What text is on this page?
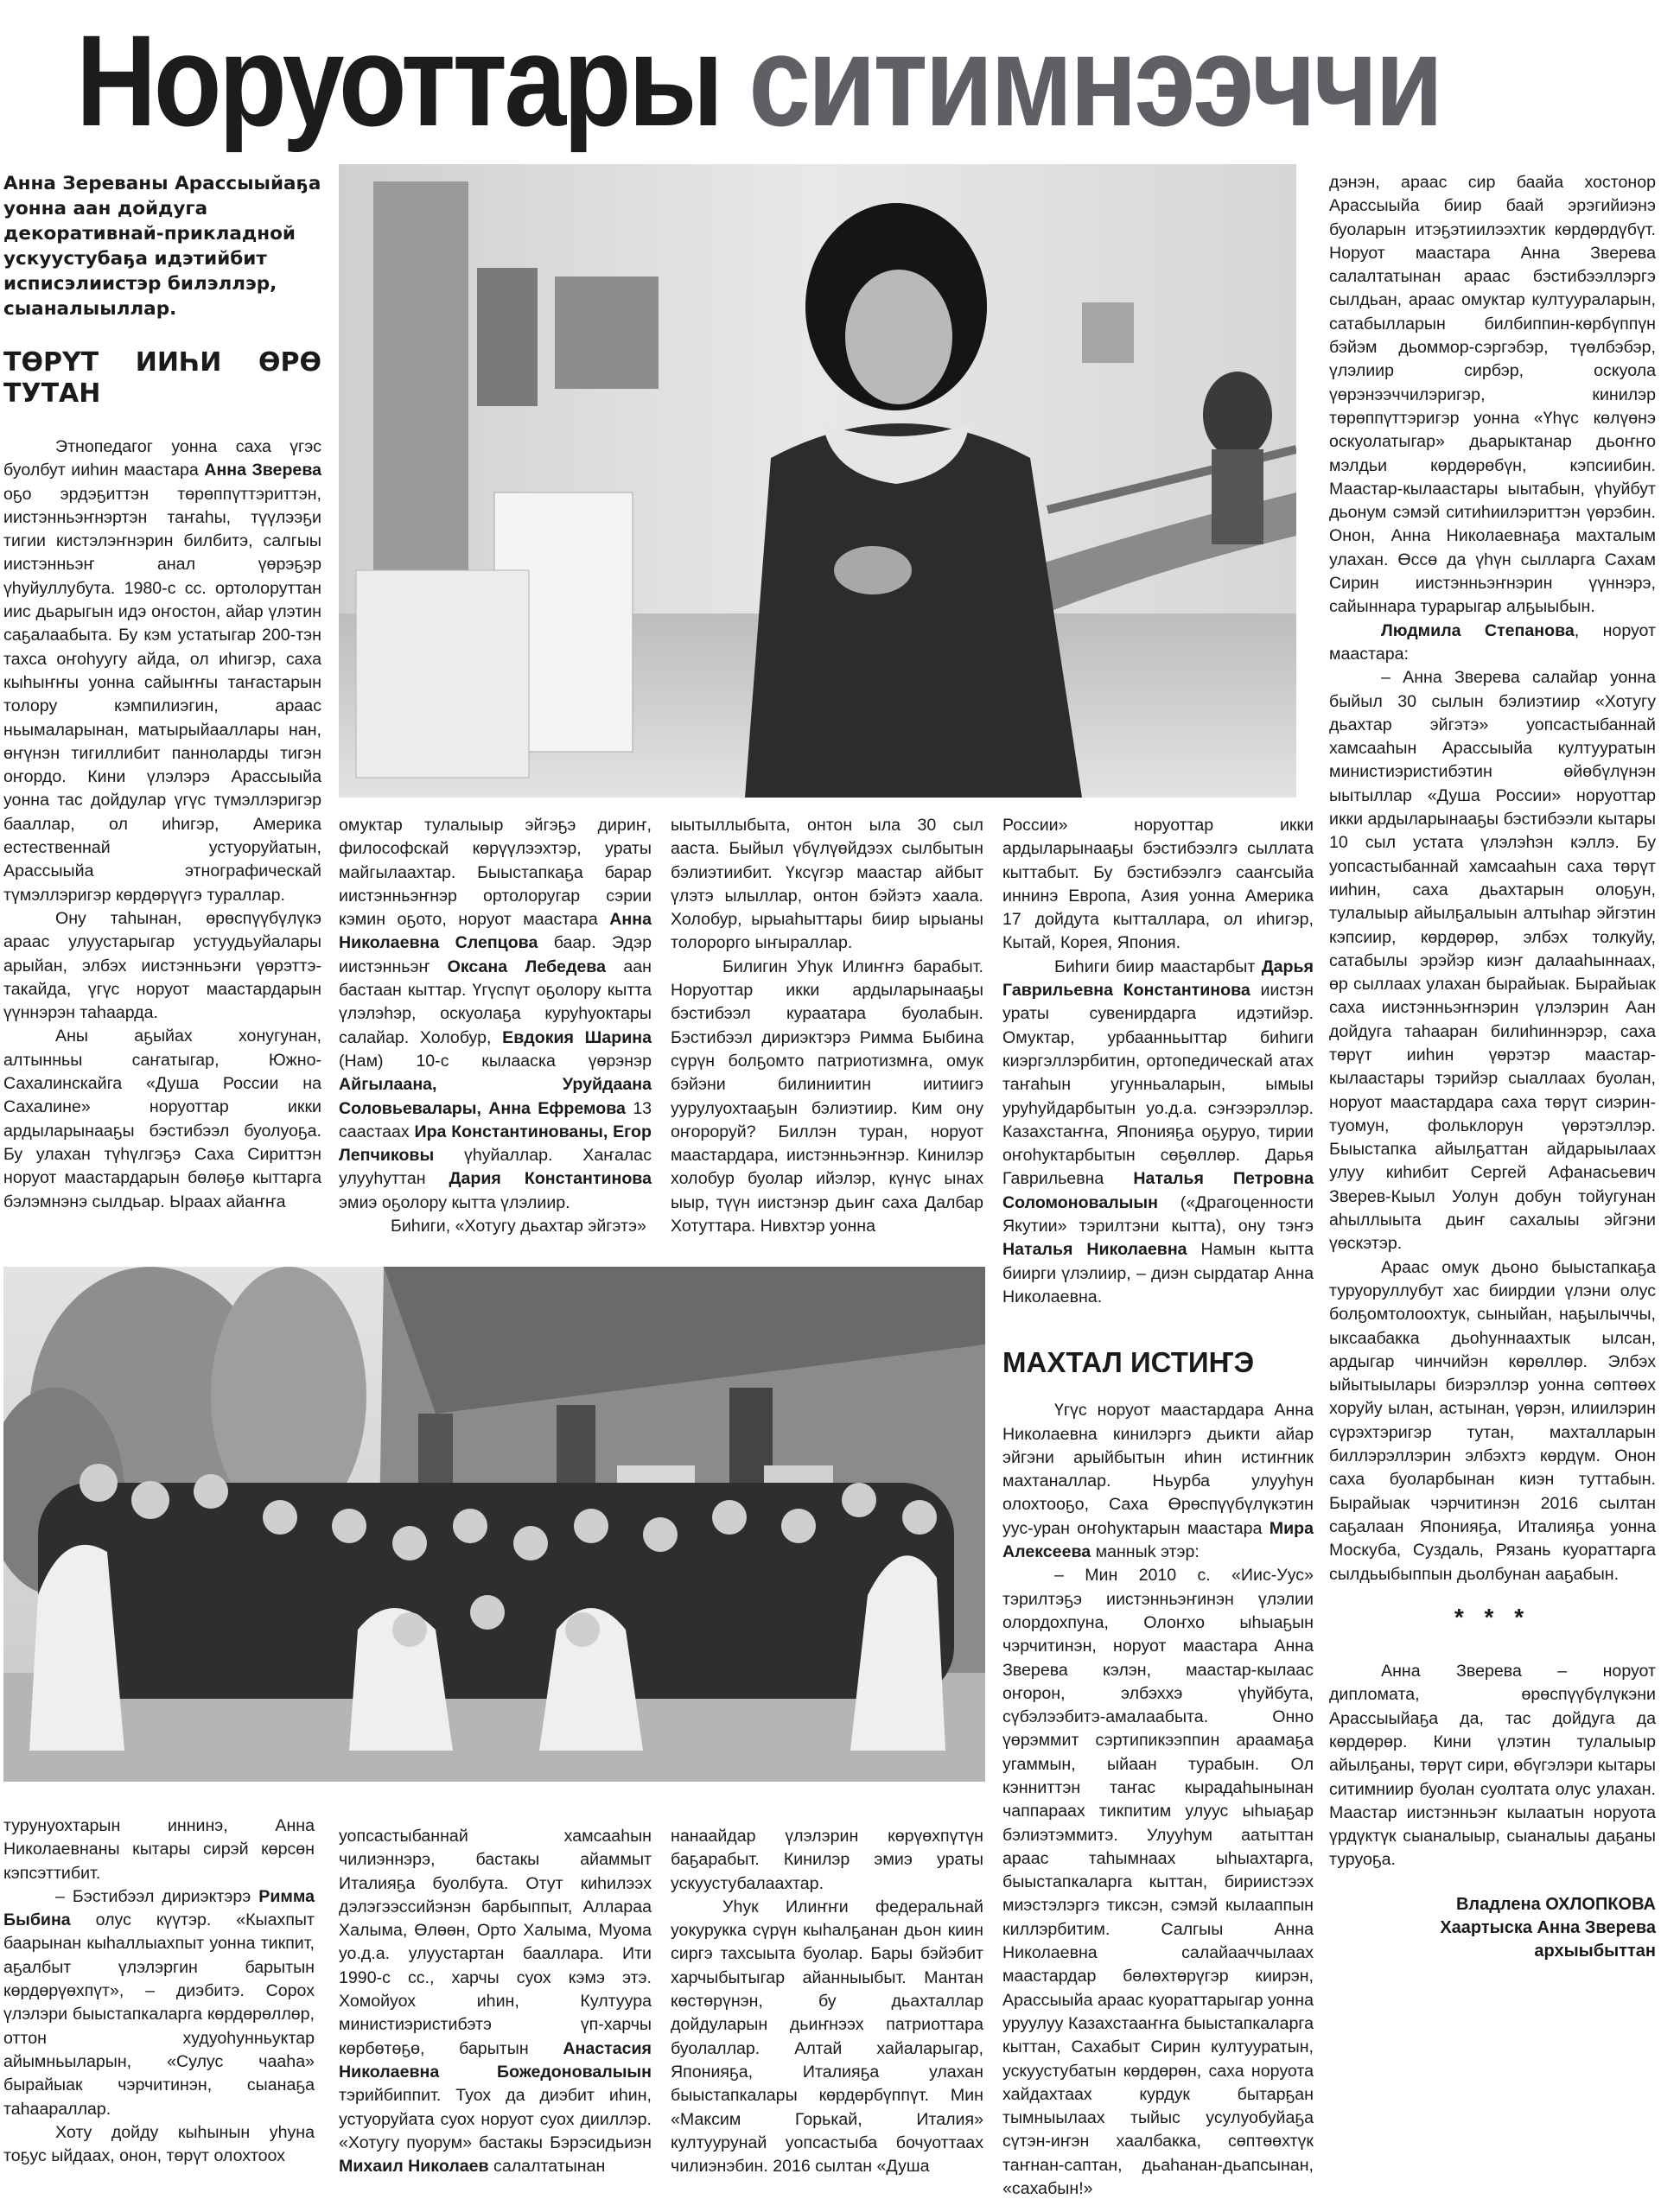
Норуоттары ситимнээччи
Анна Зереваны Арассыыйаҕа уонна аан дойдуга декоративнай-прикладной ускуустубаҕа идэтийбит исписэлиистэр билэллэр, сыаналыыллар.
ТӨРҮТ ИИҺИ ӨРӨ ТУТАН

Этнопедагог уонна саха үгэс буолбут ииһин маастара Анна Зверева оҕо эрдэҕиттэн төрөппүттэриттэн, иистэнньэҥнэртэн таҥаһы, түүлээҕи тигии кистэлэҥнэрин билбитэ, салгыы иистэнньэҥ анал үөрэҕэр үһуйуллубута. 1980-с сс. ортолоруттан иис дьарыгын идэ оҥостон, айар үлэтин саҕалаабыта. Бу кэм устатыгар 200-тэн тахса оҥоһуугу айда, ол иһигэр, саха кыһыҥҥы уонна сайыҥҥы таҥастарын толору кэмпилиэгин, араас ньымаларынан, матырыйааллары нан, өҥүнэн тигиллибит панноларды тигэн оҥордо. Кини үлэлэрэ Арассыыйа уонна тас дойдулар үгүс түмэллэригэр бааллар, ол иһигэр, Америка естественнай устуоруйатын, Арассыыйа этнографическай түмэллэригэр көрдөрүүгэ тураллар.

Ону таһынан, өрөспүүбүлүкэ араас улуустарыгар устуудьуйалары арыйан, элбэх иистэнньэҥи үөрэттэ-такайда, үгүс норуот маастардарын үүннэрэн таһаарда.

Аны аҕыйах хонугунан, алтынньы саҥатыгар, Южно-Сахалинскайга «Душа России на Сахалине» норуоттар икки ардыларынааҕы бэстибээл буолуоҕа. Бу улахан түһүлгэҕэ Саха Сириттэн норуот маастардарын бөлөҕө кыттарга бэлэмнэнэ сылдьар. Ыраах айаҥҥа

омуктар тулалыыр эйгэҕэ дириҥ, философскай көрүүлээхтэр, ураты майгылаахтар. Быыстапкаҕа барар иистэнньэҥнэр ортолоругар сэрии кэмин оҕото, норуот маастара Анна Николаевна Слепцова баар. Эдэр иистэнньэҥ Оксана Лебедева аан бастаан кыттар. Үгүспүт оҕолору кытта үлэлэһэр, оскуолаҕа куруһуоктары салайар. Холобур, Евдокия Шарина (Нам) 10-с кылааска үөрэнэр Айгылаана, Уруйдаана Соловьевалары, Анна Ефремова 13 саастаах Ира Константинованы, Егор Лепчиковы үһуйаллар. Хаҥалас улууһуттан Дария Константинова эмиэ оҕолору кытта үлэлиир.

Биһиги, «Хотугу дьахтар эйгэтэ»

ыытыллыбыта, онтон ыла 30 сыл ааста. Быйыл үбүлүөйдээх сылбытын бэлиэтиибит. Үксүгэр маастар айбыт үлэтэ ылыллар, онтон бэйэтэ хаала. Холобур, ырыаһыттары биир ырыаны толорорго ыҥыраллар.

Билигин Уһук Илиҥҥэ барабыт. Норуоттар икки ардыларынааҕы бэстибээл кураатара буолабын. Бэстибээл дириэктэрэ Римма Быбина сүрүн болҕомто патриотизмҥа, омук бэйэни билиниитин иитиигэ уурулуохтааҕын бэлиэтиир. Ким ону оҥороруй? Биллэн туран, норуот маастардара, иистэнньэҥнэр. Кинилэр холобур буолар ийэлэр, күнүс ынах ыыр, түүн иистэнэр дьиҥ саха Далбар Хотуттара. Нивхтэр уонна

России» норуоттар икки ардыларынааҕы бэстибээлгэ сыллата кыттабыт. Бу бэстибээлгэ сааҥсыйа иннинэ Европа, Азия уонна Америка 17 дойдута кытталлара, ол иһигэр, Кытай, Корея, Япония.

Биһиги биир маастарбыт Дарья Гаврильевна Константинова иистэн ураты сувенирдарга идэтийэр. Омуктар, урбаанньыттар биһиги киэргэллэрбитин, ортопедическай атах таҥаһын угунньаларын, ымыы уруһуйдарбытын уо.д.а. сэҥээрэллэр. Казахстаҥҥа, Японияҕа оҕуруо, тирии оҥоһуктарбытын сөҕөллөр. Дарья Гаврильевна Наталья Петровна Соломоновалыын («Драгоценности Якутии» тэрилтэни кытта), ону тэҥэ Наталья Николаевна Намын кытта биирги үлэлиир, – диэн сырдатар Анна Николаевна.

МАХТАЛ ИСТИҤЭ

Үгүс норуот маастардара Анна Николаевна кинилэргэ дьикти айар эйгэни арыйбытын иһин истиҥник махтаналлар. Ньурба улууһун олохтооҕо, Саха Өрөспүүбүлүкэтин уус-уран оҥоһуктарын маастара Мира Алексеева манныk этэр:

– Мин 2010 с. «Иис-Уус» тэрилтэҕэ иистэнньэҥинэн үлэлии олордохпуна, Олоҥхо ыһыаҕын чэрчитинэн, норуот маастара Анна Зверева кэлэн, маастар-кылаас оҥорон, элбэххэ үһуйбута, сүбэлээбитэ-амалаабыта. Онно үөрэммит сэртипикээппин араамаҕа угаммын, ыйаан турабын. Ол кэнниттэн таҥас кырадаһынынан чаппараах тикпитим улуус ыһыаҕар бэлиэтэммитэ. Улууһум аатыттан араас таһымнаах ыһыахтарга, быыстапкаларга кыттан, бириистээх миэстэлэргэ тиксэн, сэмэй кылааппын киллэрбитим. Салгыы Анна Николаевна салайааччылаах маастардар бөлөхтөрүгэр киирэн, Арассыыйа араас куораттарыгар уонна уруулуу Казахстааҥҥа быыстапкаларга кыттан, Сахабыт Сирин култууратын, ускуустубатын көрдөрөн, саха норуота хайдахтаах курдук бытарҕан тымныылаах тыйыс усулуобуйаҕа сүтэн-иҥэн хаалбакка, сөптөөхтүк таҥнан-саптан, дьаһанан-дьапсынан, «сахабын!»

дэнэн, араас сир баайа хостонор Арассыыйа биир баай эрэгийиэнэ буоларын итэҕэтиилээхтик көрдөрдүбүт. Норуот маастара Анна Зверева салалтатынан араас бэстибээллэргэ сылдьан, араас омуктар култуураларын, сатабылларын билбиппин-көрбүппүн бэйэм дьоммор-сэргэбэр, түөлбэбэр, үлэлиир сирбэр, оскуола үөрэнээччилэригэр, кинилэр төрөппүттэригэр уонна «Үһүс көлүөнэ оскуолатыгар» дьарыктанар дьоҥҥо мэлдьи көрдөрөбүн, кэпсиибин. Маастар-кылаастары ыытабын, үһуйбут дьонум сэмэй ситиһиилэриттэн үөрэбин. Онон, Анна Николаевнаҕа махталым улахан. Өссө да үһүн сылларга Сахам Сирин иистэнньэҥнэрин үүннэрэ, сайыннара турарыгар алҕыыбын.

Людмила Степанова, норуот маастара:

– Анна Зверева салайар уонна быйыл 30 сылын бэлиэтиир «Хотугу дьахтар эйгэтэ» уопсастыбаннай хамсааһын Арассыыйа култууратын министиэристибэтин өйөбүлүнэн ыытыллар «Душа России» норуоттар икки ардыларынааҕы бэстибээли кытары 10 сыл устата үлэлэһэн кэллэ. Бу уопсастыбаннай хамсааһын саха төрүт ииһин, саха дьахтарын олоҕун, тулалыыр айылҕалыын алтыһар эйгэтин кэпсиир, көрдөрөр, элбэх толкуйу, сатабылы эрэйэр киэҥ далааһыннаах, өр сыллаах улахан бырайыак. Бырайыак саха иистэнньэҥнэрин үлэлэрин Аан дойдуга таһааран билиһиннэрэр, саха төрүт ииһин үөрэтэр маастар-кылаастары тэрийэр сыаллаах буолан, норуот маастардара саха төрүт сиэрин-туомун, фольклорун үөрэтэллэр. Быыстапка айылҕаттан айдарыылаах улуу киһибит Сергей Афанасьевич Зверев-Кыыл Уолун добун тойугунан аһыллыыта дьиҥ сахалыы эйгэни үөскэтэр.

Араас омук дьоно быыстапкаҕа туруоруллубут хас биирдии үлэни олус болҕомтолоохтук, сыныйан, наҕылыччы, ыксаабакка дьоһуннаахтык ылсан, ардыгар чинчийэн көрөллөр. Элбэх ыйытыылары биэрэллэр уонна сөптөөх хоруйу ылан, астынан, үөрэн, илиилэрин сүрэхтэригэр тутан, махталларын биллэрэллэрин элбэхтэ көрдүм. Онон саха буоларбынан киэн туттабын. Бырайыак чэрчитинэн 2016 сылтан саҕалаан Японияҕа, Италияҕа уонна Москуба, Суздаль, Рязань куораттарга сылдьыбыппын дьолбунан ааҕабын.

* * *

Анна Зверева – норуот дипломата, өрөспүүбүлүкэни Арассыыйаҕа да, тас дойдуга да көрдөрөр. Кини үлэтин тулалыыр айылҕаны, төрүт сири, өбүгэлэри кытары ситимниир буолан суолтата олус улахан. Маастар иистэнньэҥ кылаатын норуота үрдүктүк сыаналыыр, сыаналыы даҕаны туруоҕа.

Владлена ОХЛОПКОВА
Хаартыска Анна Зверева
архыыбыттан

турунуохтарын иннинэ, Анна Николаевнаны кытары сирэй көрсөн кэпсэттибит.

– Бэстибээл дириэктэрэ Римма Быбина олус күүтэр. «Кыахпыт баарынан кыһаллыахпыт уонна тикпит, аҕалбыт үлэлэргин барытын көрдөрүөхпүт», – диэбитэ. Сорох үлэлэри быыстапкаларга көрдөрөллөр, оттон худуоһунньуктар айымньыларын, «Сулус чааһа» бырайыак чэрчитинэн, сыанаҕа таһаараллар.

Хоту дойду кыһынын уһуна тоҕус ыйдаах, онон, төрүт олохтоох

уопсастыбаннай хамсааһын чилиэннэрэ, бастакы айаммыт Италияҕа буолбута. Отут киһилээх дэлэгээссийэнэн барбыппыт, Аллараа Халыма, Өлөөн, Орто Халыма, Муома уо.д.а. улуустартан бааллара. Ити 1990-с сс., харчы суох кэмэ этэ. Хомойуох иһин, Култуура министиэристибэтэ үп-харчы көрбөтөҕө, барытын Анастасия Николаевна Божедоновалыын тэрийбиппит. Туох да диэбит иһин, устуоруйата суох норуот суох дииллэр. «Хотугу пуорум» бастакы Бэрэсидьиэн Михаил Николаев салалтатынан

нанаайдар үлэлэрин көрүөхпүтүн баҕарабыт. Кинилэр эмиэ ураты ускуустубалаахтар.

Уһук Илиҥҥи федеральнай уокурукка сүрүн кыһалҕанан дьон киин сиргэ тахсыыта буолар. Бары бэйэбит харчыбытыгар айанныыбыт. Мантан көстөрүнэн, бу дьахталлар дойдуларын дьиҥнээх патриоттара буолаллар. Алтай хайаларыгар, Японияҕа, Италияҕа улахан быыстапкалары көрдөрбүппүт. Мин «Максим Горькай, Италия» култуурунай уопсастыба бочуоттаах чилиэнэбин. 2016 сылтан «Душа
